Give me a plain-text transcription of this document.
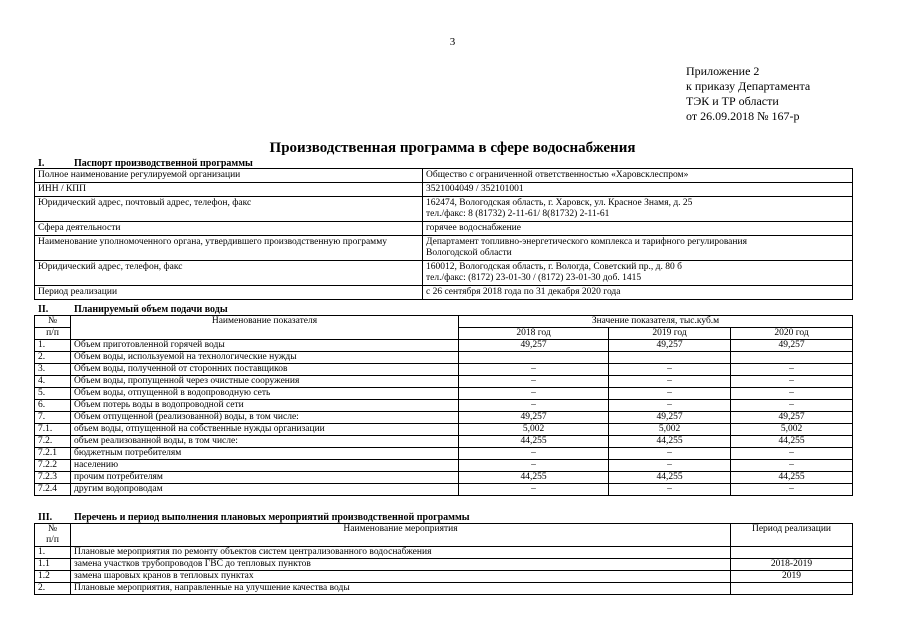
3
Приложение 2
к приказу Департамента
ТЭК и ТР области
от 26.09.2018 № 167-р
Производственная программа в сфере водоснабжения
I.	Паспорт производственной программы
Полное наименование регулируемой организации	Общество с ограниченной ответственностью «Харовсклеспром»
ИНН / КПП	3521004049 / 352101001
Юридический адрес, почтовый адрес, телефон, факс	162474, Вологодская область, г. Харовск, ул. Красное Знамя, д. 25
тел./факс: 8 (81732) 2-11-61/ 8(81732) 2-11-61

Сфера деятельности	горячее водоснабжение
Наименование уполномоченного органа, утвердившего производственную программу	Департамент топливно-энергетического комплекса и тарифного регулирования
Вологодской области

Юридический адрес, телефон, факс	160012, Вологодская область, г. Вологда, Советский пр., д. 80 б
тел./факс: (8172) 23-01-30 / (8172) 23-01-30 доб. 1415

Период реализации	с 26 сентября 2018 года по 31 декабря 2020 года
II.	Планируемый объем подачи воды
№	Наименование показателя	Значение показателя, тыс.куб.м		
п/п		2018 год	2019 год	2020 год
1.	Объем приготовленной горячей воды	49,257	49,257	49,257
2.	Объем воды, используемой на технологические нужды			
3.	Объем воды, полученной от сторонних поставщиков	–	–	–
4.	Объем воды, пропущенной через очистные сооружения	–	–	–
5.	Объем воды, отпущенной в водопроводную сеть	–	–	–
6.	Объем потерь воды в водопроводной сети	–	–	–
7.	Объем отпущенной (реализованной) воды, в том числе:	49,257	49,257	49,257
7.1.	объем воды, отпущенной на собственные нужды организации	5,002	5,002	5,002
7.2.	объем реализованной воды, в том числе:	44,255	44,255	44,255
7.2.1	бюджетным потребителям	–	–	–
7.2.2	населению	–	–	–
7.2.3	прочим потребителям	44,255	44,255	44,255
7.2.4	другим водопроводам	–	–	–
III. Перечень и период выполнения плановых мероприятий производственной программы
№
п/п	Наименование мероприятия	Период реализации
1.	Плановые мероприятия по ремонту объектов систем централизованного водоснабжения	
1.1	замена участков трубопроводов ГВС до тепловых пунктов	2018-2019
1.2	замена шаровых кранов в тепловых пунктах	2019
2.	Плановые мероприятия, направленные на улучшение качества воды	
